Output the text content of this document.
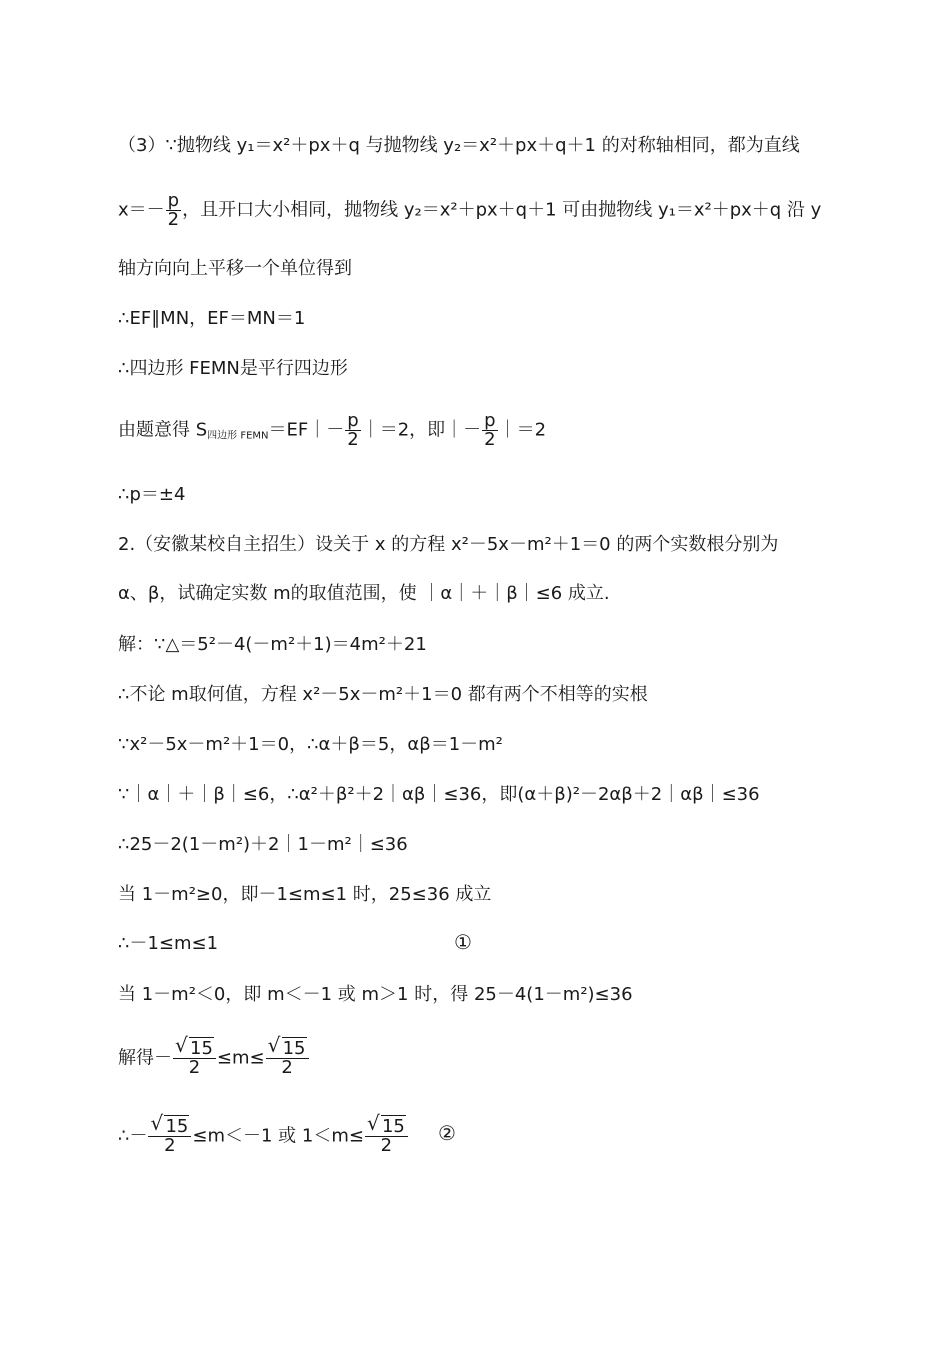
（3）∵抛物线 y₁＝x²＋px＋q 与抛物线 y₂＝x²＋px＋q＋1 的对称轴相同，都为直线
$x=- \frac{p}{2}$ ，且开口大小相同，抛物线 y₂＝x²＋px＋q＋1 可由抛物线 y₁＝x²＋px＋q 沿 y
轴方向向上平移一个单位得到
∴EF∥MN，EF＝MN＝1
∴四边形 FEMN是平行四边形
由题意得 $S_{四边形 FEMN}=EF|- \frac{p}{2}$ ｜＝2，即｜－ $\frac{p}{2}$ ｜＝2
∴p＝±4
2.（安徽某校自主招生）设关于 x 的方程 x²－5x－m²＋1＝0 的两个实数根分别为
α、β，试确定实数 m的取值范围，使 ｜α｜＋｜β｜≤6 成立.
解：∵△＝5²－4(－m²＋1)＝4m²＋21
∴不论 m取何值，方程 x²－5x－m²＋1＝0 都有两个不相等的实根
∵x²－5x－m²＋1＝0，∴α＋β＝5，αβ＝1－m²
∵｜α｜＋｜β｜≤6，∴α²＋β²＋2｜αβ｜≤36，即(α＋β)²－2αβ＋2｜αβ｜≤36
∴25－2(1－m²)＋2｜1－m²｜≤36
当 1－m²≥0，即－1≤m≤1 时，25≤36 成立
∴－1≤m≤1	①
当 1－m²＜0，即 m＜－1 或 m＞1 时，得 25－4(1－m²)≤36
解得－ $\frac{√ 15}{2} \le m\le \frac{√ 15}{2}$
∴－ $\frac{√ 15}{2} \le m<-1$ 或 $1<m\le \frac{√ 15}{2}$ ②
